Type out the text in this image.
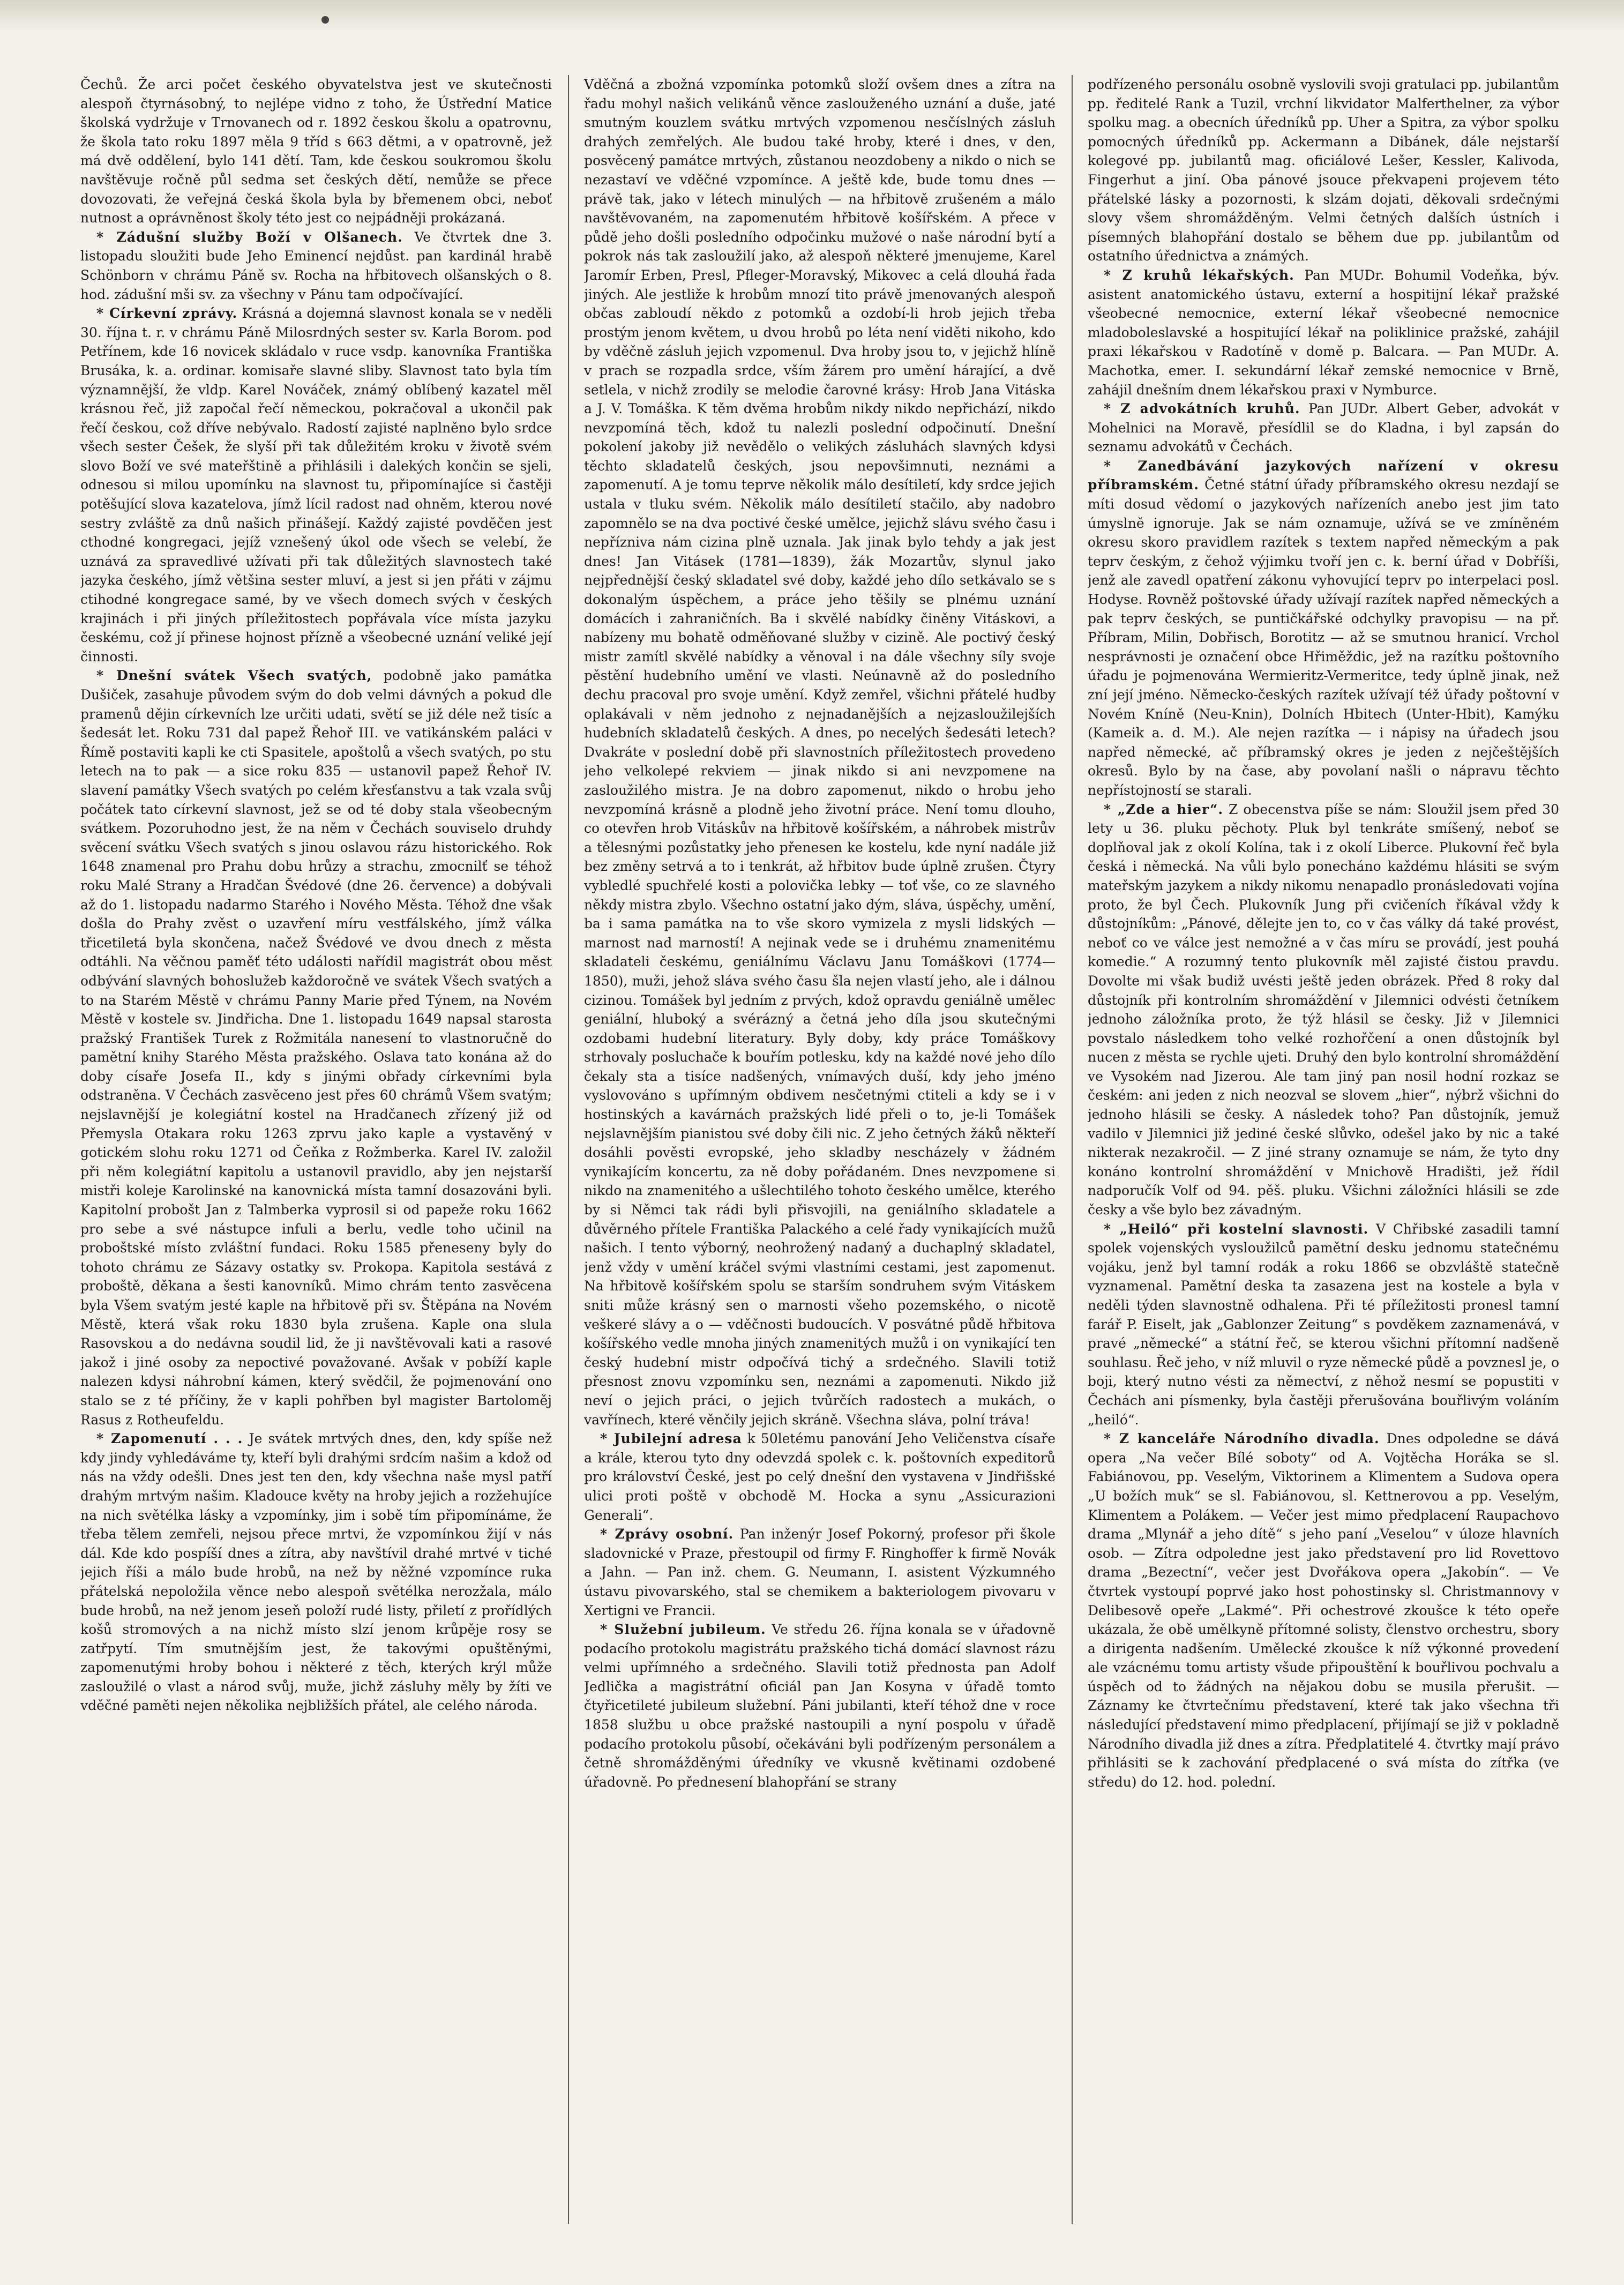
Čechů. Že arci počet českého obyvatelstva jest ve skutečnosti alespoň čtyrnásobný, to nejlépe vidno z toho, že Ústřední Matice školská vydržuje v Trnovanech od r. 1892 českou školu a opatrovnu, že škola tato roku 1897 měla 9 tříd s 663 dětmi, a v opatrovně, jež má dvě oddělení, bylo 141 dětí. Tam, kde českou soukromou školu navštěvuje ročně půl sedma set českých dětí, nemůže se přece dovozovati, že veřejná česká škola byla by břemenem obci, neboť nutnost a oprávněnost školy této jest co nejpádněji prokázaná.

* Zádušní služby Boží v Olšanech. Ve čtvrtek dne 3. listopadu sloužiti bude Jeho Eminencí nejdůst. pan kardinál hrabě Schönborn v chrámu Páně sv. Rocha na hřbitovech olšanských o 8. hod. zádušní mši sv. za všechny v Pánu tam odpočívající.

* Církevní zprávy. Krásná a dojemná slavnost konala se v neděli 30. října t. r. v chrámu Páně Milosrdných sester sv. Karla Borom. pod Petřínem, kde 16 novicek skládalo v ruce vsdp. kanovníka Františka Brusáka, k. a. ordinar. komisaře slavné sliby. Slavnost tato byla tím významnější, že vldp. Karel Nováček, známý oblíbený kazatel měl krásnou řeč, již započal řečí německou, pokračoval a ukončil pak řečí českou, což dříve nebývalo. Radostí zajisté naplněno bylo srdce všech sester Češek, že slyší při tak důležitém kroku v životě svém slovo Boží ve své mateřštině a přihlásili i dalekých končin se sjeli, odnesou si milou upomínku na slavnost tu, připomínajíce si častěji potěšující slova kazatelova, jímž lícil radost nad ohněm, kterou nové sestry zvláště za dnů našich přinášejí. Každý zajisté povděčen jest cthodné kongregaci, jejíž vznešený úkol ode všech se velebí, že uznává za spravedlivé užívati při tak důležitých slavnostech také jazyka českého, jímž většina sester mluví, a jest si jen přáti v zájmu ctihodné kongregace samé, by ve všech domech svých v českých krajinách i při jiných příležitostech popřávala více místa jazyku českému, což jí přinese hojnost přízně a všeobecné uznání veliké její činnosti.

* Dnešní svátek Všech svatých, podobně jako památka Dušiček, zasahuje původem svým do dob velmi dávných a pokud dle pramenů dějin církevních lze určiti udati, světí se již déle než tisíc a šedesát let. Roku 731 dal papež Řehoř III. ve vatikánském paláci v Římě postaviti kapli ke cti Spasitele, apoštolů a všech svatých, po stu letech na to pak — a sice roku 835 — ustanovil papež Řehoř IV. slavení památky Všech svatých po celém křesťanstvu a tak vzala svůj počátek tato církevní slavnost, jež se od té doby stala všeobecným svátkem. Pozoruhodno jest, že na něm v Čechách souviselo druhdy svěcení svátku Všech svatých s jinou oslavou rázu historického. Rok 1648 znamenal pro Prahu dobu hrůzy a strachu, zmocnilť se téhož roku Malé Strany a Hradčan Švédové (dne 26. července) a dobývali až do 1. listopadu nadarmo Starého i Nového Města. Téhož dne však došla do Prahy zvěst o uzavření míru vestfálského, jímž válka třicetiletá byla skončena, načež Švédové ve dvou dnech z města odtáhli. Na věčnou paměť této události nařídil magistrát obou měst odbývání slavných bohoslužeb každoročně ve svátek Všech svatých a to na Starém Městě v chrámu Panny Marie před Týnem, na Novém Městě v kostele sv. Jindřicha. Dne 1. listopadu 1649 napsal starosta pražský František Turek z Rožmitála nanesení to vlastnoručně do pamětní knihy Starého Města pražského. Oslava tato konána až do doby císaře Josefa II., kdy s jinými obřady církevními byla odstraněna. V Čechách zasvěceno jest přes 60 chrámů Všem svatým; nejslavnější je kolegiátní kostel na Hradčanech zřízený již od Přemysla Otakara roku 1263 zprvu jako kaple a vystavěný v gotickém slohu roku 1271 od Čeňka z Rožmberka. Karel IV. založil při něm kolegiátní kapitolu a ustanovil pravidlo, aby jen nejstarší mistři koleje Karolinské na kanovnická místa tamní dosazováni byli. Kapitolní probošt Jan z Talmberka vyprosil si od papeže roku 1662 pro sebe a své nástupce infuli a berlu, vedle toho učinil na proboštské místo zvláštní fundaci. Roku 1585 přeneseny byly do tohoto chrámu ze Sázavy ostatky sv. Prokopa. Kapitola sestává z proboště, děkana a šesti kanovníků. Mimo chrám tento zasvěcena byla Všem svatým jesté kaple na hřbitově při sv. Štěpána na Novém Městě, která však roku 1830 byla zrušena. Kaple ona slula Rasovskou a do nedávna soudil lid, že ji navštěvovali kati a rasové jakož i jiné osoby za nepoctivé považované. Avšak v pobíží kaple nalezen kdysi náhrobní kámen, který svědčil, že pojmenování ono stalo se z té příčiny, že v kapli pohřben byl magister Bartoloměj Rasus z Rotheufeldu.

* Zapomenutí . . . Je svátek mrtvých dnes, den, kdy spíše než kdy jindy vyhledáváme ty, kteří byli drahými srdcím našim a kdož od nás na vždy odešli. Dnes jest ten den, kdy všechna naše mysl patří drahým mrtvým našim. Kladouce květy na hroby jejich a rozžehujíce na nich světélka lásky a vzpomínky, jim i sobě tím připomínáme, že třeba tělem zemřeli, nejsou přece mrtvi, že vzpomínkou žijí v nás dál. Kde kdo pospíší dnes a zítra, aby navštívil drahé mrtvé v tiché jejich říši a málo bude hrobů, na než by něžné vzpomínce ruka přátelská nepoložila věnce nebo alespoň světélka nerozžala, málo bude hrobů, na než jenom jeseň položí rudé listy, přiletí z prořídlých košů stromových a na nichž místo slzí jenom krůpěje rosy se zatřpytí. Tím smutnějším jest, že takovými opuštěnými, zapomenutými hroby bohou i některé z těch, kterých krýl může zasloužilé o vlast a národ svůj, muže, jichž zásluhy měly by žíti ve vděčné paměti nejen několika nejbližších přátel, ale celého národa.

Vděčná a zbožná vzpomínka potomků složí ovšem dnes a zítra na řadu mohyl našich velikánů věnce zaslouženého uznání a duše, jaté smutným kouzlem svátku mrtvých vzpomenou nesčíslných zásluh drahých zemřelých. Ale budou také hroby, které i dnes, v den, posvěcený památce mrtvých, zůstanou neozdobeny a nikdo o nich se nezastaví ve vděčné vzpomínce. A ještě kde, bude tomu dnes — právě tak, jako v létech minulých — na hřbitově zrušeném a málo navštěvovaném, na zapomenutém hřbitově košířském. A přece v půdě jeho došli posledního odpočinku mužové o naše národní bytí a pokrok nás tak zasloužilí jako, až alespoň některé jmenujeme, Karel Jaromír Erben, Presl, Pfleger-Moravský, Mikovec a celá dlouhá řada jiných. Ale jestliže k hrobům mnozí tito právě jmenovaných alespoň občas zabloudí někdo z potomků a ozdobí-li hrob jejich třeba prostým jenom květem, u dvou hrobů po léta není viděti nikoho, kdo by vděčně zásluh jejich vzpomenul. Dva hroby jsou to, v jejichž hlíně v prach se rozpadla srdce, vším žárem pro umění hárající, a dvě setlela, v nichž zrodily se melodie čarovné krásy: Hrob Jana Vitáska a J. V. Tomáška. K těm dvěma hrobům nikdy nikdo nepřichází, nikdo nevzpomíná těch, kdož tu nalezli poslední odpočinutí. Dnešní pokolení jakoby již nevědělo o velikých zásluhách slavných kdysi těchto skladatelů českých, jsou nepovšimnuti, neznámi a zapomenutí. A je tomu teprve několik málo desítiletí, kdy srdce jejich ustala v tluku svém. Několik málo desítiletí stačilo, aby nadobro zapomnělo se na dva poctivé české umělce, jejichž slávu svého času i nepřízniva nám cizina plně uznala. Jak jinak bylo tehdy a jak jest dnes! Jan Vitásek (1781—1839), žák Mozartův, slynul jako nejpřednější český skladatel své doby, každé jeho dílo setkávalo se s dokonalým úspěchem, a práce jeho těšily se plnému uznání domácích i zahraničních. Ba i skvělé nabídky činěny Vitáskovi, a nabízeny mu bohatě odměňované služby v cizině. Ale poctivý český mistr zamítl skvělé nabídky a věnoval i na dále všechny síly svoje pěstění hudebního umění ve vlasti. Neúnavně až do posledního dechu pracoval pro svoje umění. Když zemřel, všichni přátelé hudby oplakávali v něm jednoho z nejnadanějších a nejzasloužilejších hudebních skladatelů českých. A dnes, po necelých šedesáti letech? Dvakráte v poslední době při slavnostních příležitostech provedeno jeho velkolepé rekviem — jinak nikdo si ani nevzpomene na zasloužilého mistra. Je na dobro zapomenut, nikdo o hrobu jeho nevzpomíná krásně a plodně jeho životní práce. Není tomu dlouho, co otevřen hrob Vitáskův na hřbitově košířském, a náhrobek mistrův a tělesnými pozůstatky jeho přenesen ke kostelu, kde nyní nadále již bez změny setrvá a to i tenkrát, až hřbitov bude úplně zrušen. Čtyry vybledlé spuchřelé kosti a polovička lebky — toť vše, co ze slavného někdy mistra zbylo. Všechno ostatní jako dým, sláva, úspěchy, umění, ba i sama památka na to vše skoro vymizela z mysli lidských — marnost nad marností! A nejinak vede se i druhému znamenitému skladateli českému, geniálnímu Václavu Janu Tomáškovi (1774—1850), muži, jehož sláva svého času šla nejen vlastí jeho, ale i dálnou cizinou. Tomášek byl jedním z prvých, kdož opravdu geniálně umělec geniální, hluboký a svérázný a četná jeho díla jsou skutečnými ozdobami hudební literatury. Byly doby, kdy práce Tomáškovy strhovaly posluchače k bouřím potlesku, kdy na každé nové jeho dílo čekaly sta a tisíce nadšených, vnímavých duší, kdy jeho jméno vyslovováno s upřímným obdivem nesčetnými ctiteli a kdy se i v hostinských a kavárnách pražských lidé přeli o to, je-li Tomášek nejslavnějším pianistou své doby čili nic. Z jeho četných žáků někteří dosáhli pověsti evropské, jeho skladby nescházely v žádném vynikajícím koncertu, za ně doby pořádaném. Dnes nevzpomene si nikdo na znamenitého a ušlechtilého tohoto českého umělce, kterého by si Němci tak rádi byli přisvojili, na geniálního skladatele a důvěrného přítele Františka Palackého a celé řady vynikajících mužů našich. I tento výborný, neohrožený nadaný a duchaplný skladatel, jenž vždy v umění kráčel svými vlastními cestami, jest zapomenut. Na hřbitově košířském spolu se starším sondruhem svým Vitáskem sniti může krásný sen o marnosti všeho pozemského, o nicotě veškeré slávy a o — vděčnosti budoucích. V posvátné půdě hřbitova košířského vedle mnoha jiných znamenitých mužů i on vynikající ten český hudební mistr odpočívá tichý a srdečného. Slavili totiž přesnost znovu vzpomínku sen, neznámi a zapomenuti. Nikdo již neví o jejich práci, o jejich tvůrčích radostech a mukách, o vavřínech, které věnčily jejich skráně. Všechna sláva, polní tráva!

* Jubilejní adresa k 50letému panování Jeho Veličenstva císaře a krále, kterou tyto dny odevzdá spolek c. k. poštovních expeditorů pro království České, jest po celý dnešní den vystavena v Jindřišské ulici proti poště v obchodě M. Hocka a synu „Assicurazioni Generali“.

* Zprávy osobní. Pan inženýr Josef Pokorný, profesor při škole sladovnické v Praze, přestoupil od firmy F. Ringhoffer k firmě Novák a Jahn. — Pan inž. chem. G. Neumann, I. asistent Výzkumného ústavu pivovarského, stal se chemikem a bakteriologem pivovaru v Xertigni ve Francii.

* Služební jubileum. Ve středu 26. října konala se v úřadovně podacího protokolu magistrátu pražského tichá domácí slavnost rázu velmi upřímného a srdečného. Slavili totiž přednosta pan Adolf Jedlička a magistrátní oficiál pan Jan Kosyna v úřadě tomto čtyřicetileté jubileum služební. Páni jubilanti, kteří téhož dne v roce 1858 službu u obce pražské nastoupili a nyní pospolu v úřadě podacího protokolu působí, očekáváni byli podřízeným personálem a četně shromážděnými úředníky ve vkusně květinami ozdobené úřadovně. Po přednesení blahopřání se strany

podřízeného personálu osobně vyslovili svoji gratulaci pp. jubilantům pp. ředitelé Rank a Tuzil, vrchní likvidator Malferthelner, za výbor spolku mag. a obecních úředníků pp. Uher a Spitra, za výbor spolku pomocných úředníků pp. Ackermann a Dibánek, dále nejstarší kolegové pp. jubilantů mag. oficiálové Lešer, Kessler, Kalivoda, Fingerhut a jiní. Oba pánové jsouce překvapeni projevem této přátelské lásky a pozornosti, k slzám dojati, děkovali srdečnými slovy všem shromážděným. Velmi četných dalších ústních i písemných blahopřání dostalo se během due pp. jubilantům od ostatního úřednictva a známých.

* Z kruhů lékařských. Pan MUDr. Bohumil Vodeňka, býv. asistent anatomického ústavu, externí a hospitijní lékař pražské všeobecné nemocnice, externí lékař všeobecné nemocnice mladoboleslavské a hospitující lékař na poliklinice pražské, zahájil praxi lékařskou v Radotíně v domě p. Balcara. — Pan MUDr. A. Machotka, emer. I. sekundární lékař zemské nemocnice v Brně, zahájil dnešním dnem lékařskou praxi v Nymburce.

* Z advokátních kruhů. Pan JUDr. Albert Geber, advokát v Mohelnici na Moravě, přesídlil se do Kladna, i byl zapsán do seznamu advokátů v Čechách.

* Zanedbávání jazykových nařízení v okresu příbramském. Četné státní úřady příbramského okresu nezdají se míti dosud vědomí o jazykových nařízeních anebo jest jim tato úmyslně ignoruje. Jak se nám oznamuje, užívá se ve zmíněném okresu skoro pravidlem razítek s textem napřed německým a pak teprv českým, z čehož výjimku tvoří jen c. k. berní úřad v Dobříši, jenž ale zavedl opatření zákonu vyhovující teprv po interpelaci posl. Hodyse. Rovněž poštovské úřady užívají razítek napřed německých a pak teprv českých, se puntičkářské odchylky pravopisu — na př. Příbram, Milin, Dobřisch, Borotitz — až se smutnou hranicí. Vrchol nesprávnosti je označení obce Hřiměždic, jež na razítku poštovního úřadu je pojmenována Wermieritz-Vermeritce, tedy úplně jinak, než zní její jméno. Německo-českých razítek užívají též úřady poštovní v Novém Kníně (Neu-Knin), Dolních Hbitech (Unter-Hbit), Kamýku (Kameik a. d. M.). Ale nejen razítka — i nápisy na úřadech jsou napřed německé, ač příbramský okres je jeden z nejčeštějších okresů. Bylo by na čase, aby povolaní našli o nápravu těchto nepřístojností se starali.

* „Zde a hier“. Z obecenstva píše se nám: Sloužil jsem před 30 lety u 36. pluku pěchoty. Pluk byl tenkráte smíšený, neboť se doplňoval jak z okolí Kolína, tak i z okolí Liberce. Plukovní řeč byla česká i německá. Na vůli bylo ponecháno každému hlásiti se svým mateřským jazykem a nikdy nikomu nenapadlo pronásledovati vojína proto, že byl Čech. Plukovník Jung při cvičeních říkával vždy k důstojníkům: „Pánové, dělejte jen to, co v čas války dá také provést, neboť co ve válce jest nemožné a v čas míru se provádí, jest pouhá komedie.“ A rozumný tento plukovník měl zajisté čistou pravdu. Dovolte mi však budiž uvésti ještě jeden obrázek. Před 8 roky dal důstojník při kontrolním shromáždění v Jilemnici odvésti četníkem jednoho záložníka proto, že týž hlásil se česky. Již v Jilemnici povstalo následkem toho velké rozhořčení a onen důstojník byl nucen z města se rychle ujeti. Druhý den bylo kontrolní shromáždění ve Vysokém nad Jizerou. Ale tam jiný pan nosil hodní rozkaz se českém: ani jeden z nich neozval se slovem „hier“, nýbrž všichni do jednoho hlásili se česky. A následek toho? Pan důstojník, jemuž vadilo v Jilemnici již jediné české slůvko, odešel jako by nic a také nikterak nezakročil. — Z jiné strany oznamuje se nám, že tyto dny konáno kontrolní shromáždění v Mnichově Hradišti, jež řídil nadporučík Volf od 94. pěš. pluku. Všichni záložníci hlásili se zde česky a vše bylo bez závadným.

* „Heiló“ při kostelní slavnosti. V Chřibské zasadili tamní spolek vojenských vysloužilců pamětní desku jednomu statečnému vojáku, jenž byl tamní rodák a roku 1866 se obzvláště statečně vyznamenal. Pamětní deska ta zasazena jest na kostele a byla v neděli týden slavnostně odhalena. Při té příležitosti pronesl tamní farář P. Eiselt, jak „Gablonzer Zeitung“ s povděkem zaznamenává, v pravé „německé“ a státní řeč, se kterou všichni přítomní nadšeně souhlasu. Řeč jeho, v níž mluvil o ryze německé půdě a povznesl je, o boji, který nutno vésti za němectví, z něhož nesmí se popustiti v Čechách ani písmenky, byla častěji přerušována bouřlivým voláním „heiló“.

* Z kanceláře Národního divadla. Dnes odpoledne se dává opera „Na večer Bílé soboty“ od A. Vojtěcha Horáka se sl. Fabiánovou, pp. Veselým, Viktorinem a Klimentem a Sudova opera „U božích muk“ se sl. Fabiánovou, sl. Kettnerovou a pp. Veselým, Klimentem a Polákem. — Večer jest mimo předplacení Raupachovo drama „Mlynář a jeho dítě“ s jeho paní „Veselou“ v úloze hlavních osob. — Zítra odpoledne jest jako představení pro lid Rovettovo drama „Bezectní“, večer jest Dvořákova opera „Jakobín“. — Ve čtvrtek vystoupí poprvé jako host pohostinsky sl. Christmannovy v Delibesově opeře „Lakmé“. Při ochestrové zkoušce k této opeře ukázala, že obě umělkyně přítomné solisty, členstvo orchestru, sbory a dirigenta nadšením. Umělecké zkoušce k níž výkonné provedení ale vzácnému tomu artisty všude připouštění k bouřlivou pochvalu a úspěch od to žádných na nějakou dobu se musila přerušit. — Záznamy ke čtvrtečnímu představení, které tak jako všechna tři následující představení mimo předplacení, přijímají se již v pokladně Národního divadla již dnes a zítra. Předplatitelé 4. čtvrtky mají právo přihlásiti se k zachování předplacené o svá místa do zítřka (ve středu) do 12. hod. polední.
